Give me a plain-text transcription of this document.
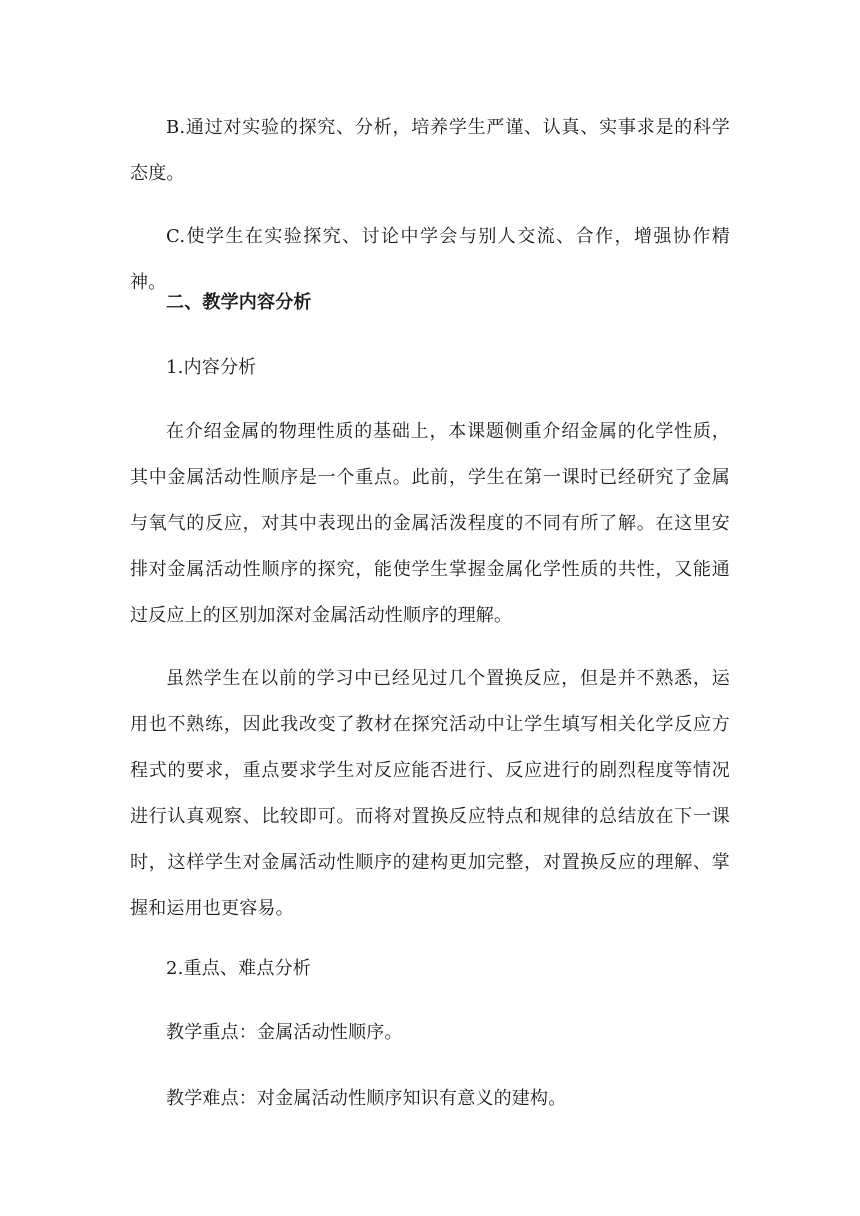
B.通过对实验的探究、分析，培养学生严谨、认真、实事求是的科学态度。

C.使学生在实验探究、讨论中学会与别人交流、合作，增强协作精神。

二、教学内容分析

1.内容分析

在介绍金属的物理性质的基础上，本课题侧重介绍金属的化学性质，其中金属活动性顺序是一个重点。此前，学生在第一课时已经研究了金属与氧气的反应，对其中表现出的金属活泼程度的不同有所了解。在这里安排对金属活动性顺序的探究，能使学生掌握金属化学性质的共性，又能通过反应上的区别加深对金属活动性顺序的理解。

虽然学生在以前的学习中已经见过几个置换反应，但是并不熟悉，运用也不熟练，因此我改变了教材在探究活动中让学生填写相关化学反应方程式的要求，重点要求学生对反应能否进行、反应进行的剧烈程度等情况进行认真观察、比较即可。而将对置换反应特点和规律的总结放在下一课时，这样学生对金属活动性顺序的建构更加完整，对置换反应的理解、掌握和运用也更容易。

2.重点、难点分析

教学重点：金属活动性顺序。

教学难点：对金属活动性顺序知识有意义的建构。
